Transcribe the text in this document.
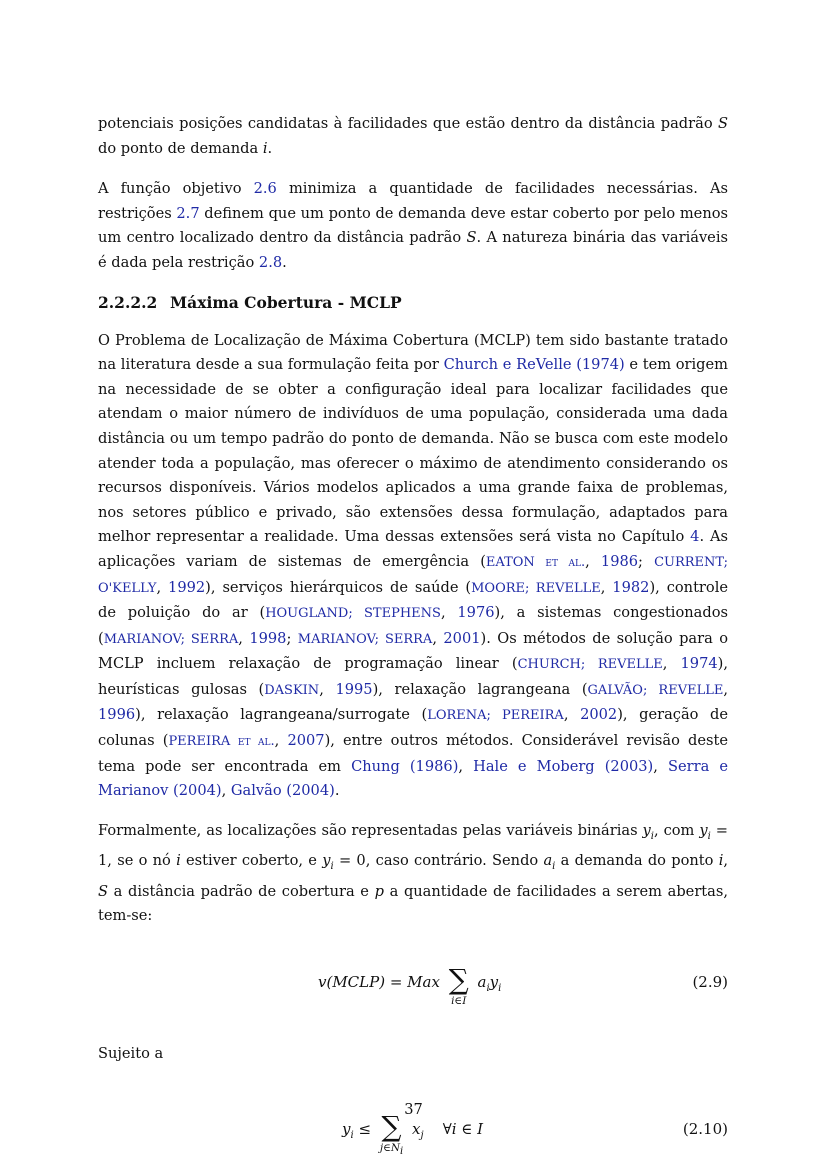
potenciais posições candidatas à facilidades que estão dentro da distância padrão S do ponto de demanda i.

A função objetivo 2.6 minimiza a quantidade de facilidades necessárias. As restrições 2.7 definem que um ponto de demanda deve estar coberto por pelo menos um centro localizado dentro da distância padrão S. A natureza binária das variáveis é dada pela restrição 2.8.

2.2.2.2 Máxima Cobertura - MCLP

O Problema de Localização de Máxima Cobertura (MCLP) tem sido bastante tratado na literatura desde a sua formulação feita por Church e ReVelle (1974) e tem origem na necessidade de se obter a configuração ideal para localizar facilidades que atendam o maior número de indivíduos de uma população, considerada uma dada distância ou um tempo padrão do ponto de demanda. Não se busca com este modelo atender toda a população, mas oferecer o máximo de atendimento considerando os recursos disponíveis. Vários modelos aplicados a uma grande faixa de problemas, nos setores público e privado, são extensões dessa formulação, adaptados para melhor representar a realidade. Uma dessas extensões será vista no Capítulo 4. As aplicações variam de sistemas de emergência (EATON et al., 1986; CURRENT; O'KELLY, 1992), serviços hierárquicos de saúde (MOORE; REVELLE, 1982), controle de poluição do ar (HOUGLAND; STEPHENS, 1976), a sistemas congestionados (MARIANOV; SERRA, 1998; MARIANOV; SERRA, 2001). Os métodos de solução para o MCLP incluem relaxação de programação linear (CHURCH; REVELLE, 1974), heurísticas gulosas (DASKIN, 1995), relaxação lagrangeana (GALVÃO; REVELLE, 1996), relaxação lagrangeana/surrogate (LORENA; PEREIRA, 2002), geração de colunas (PEREIRA et al., 2007), entre outros métodos. Considerável revisão deste tema pode ser encontrada em Chung (1986), Hale e Moberg (2003), Serra e Marianov (2004), Galvão (2004).

Formalmente, as localizações são representadas pelas variáveis binárias $y_i$, com $y_i = 1$, se o nó i estiver coberto, e $y_i = 0$, caso contrário. Sendo $a_i$ a demanda do ponto i, S a distância padrão de cobertura e p a quantidade de facilidades a serem abertas, tem-se:

v(MCLP) = Max ∑
i∈I
$a_iy_i$	(2.9)
Sujeito a
$y_i$ ≤ ∑
$j\in N_i$
$x_j$ ∀i ∈ I	(2.10)
37
